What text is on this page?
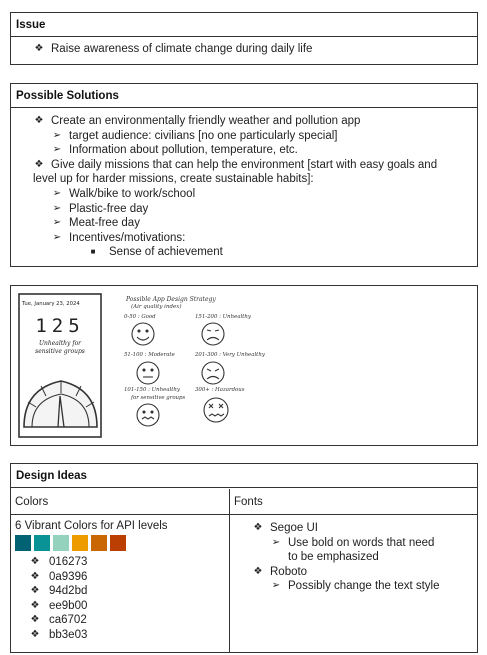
Issue
❖ Raise awareness of climate change during daily life
Possible Solutions
❖ Create an environmentally friendly weather and pollution app
➢ target audience: civilians [no one particularly special]
➢ Information about pollution, temperature, etc.
❖ Give daily missions that can help the environment [start with easy goals and
level up for harder missions, create sustainable habits]:
➢ Walk/bike to work/school
➢ Plastic-free day
➢ Meat-free day
➢ Incentives/motivations:
■ Sense of achievement
Tue, January 23, 2024
125
Unhealthy for
sensitive groups
Possible App Design Strategy
(Air quality index)
0-50 : Good	151-200 : Unhealthy
51-100 : Moderate	201-300 : Very Unhealthy
101-150 : Unhealthy
for sensitive groups
300+ : Hazardous
Design Ideas
Colors
6 Vibrant Colors for API levels
❖ 016273
❖ 0a9396
❖ 94d2bd
❖ ee9b00
❖ ca6702
❖ bb3e03
Fonts
❖ Segoe UI
➢ Use bold on words that need
to be emphasized
❖ Roboto
➢ Possibly change the text style
